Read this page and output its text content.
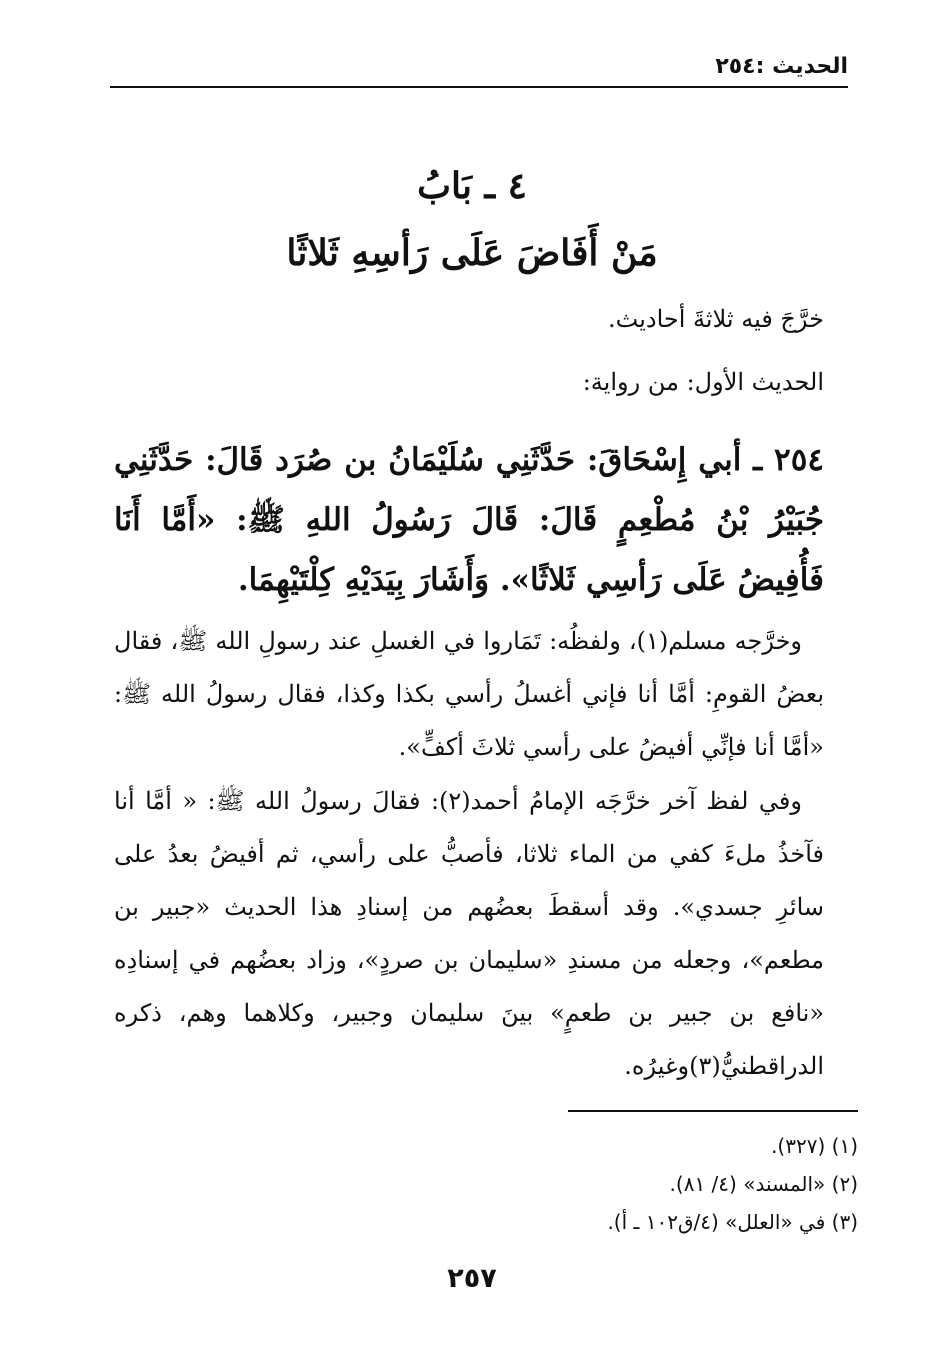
الحديث :٢٥٤
٤ ـ بَابُ
مَنْ أَفَاضَ عَلَى رَأسِهِ ثَلاثًا
خرَّجَ فيه ثلاثةَ أحاديث.
الحديث الأول: من رواية:
٢٥٤ ـ أبي إِسْحَاقَ: حَدَّثَنِي سُلَيْمَانُ بن صُرَد قَالَ: حَدَّثَنِي جُبَيْرُ بْنُ مُطْعِمٍ قَالَ: قَالَ رَسُولُ اللهِ ﷺ: «أَمَّا أَنَا فَأُفِيضُ عَلَى رَأسِي ثَلاثًا». وَأَشَارَ بِيَدَيْهِ كِلْتَيْهِمَا.
وخرَّجه مسلم(١)، ولفظُه: تَمَاروا في الغسلِ عند رسولِ الله ﷺ، فقال بعضُ القومِ: أمَّا أنا فإني أغسلُ رأسي بكذا وكذا، فقال رسولُ الله ﷺ: «أمَّا أنا فإنِّي أفيضُ على رأسي ثلاثَ أكفٍّ».
وفي لفظ آخر خرَّجَه الإمامُ أحمد(٢): فقالَ رسولُ الله ﷺ: « أمَّا أنا فآخذُ ملءَ كفي من الماء ثلاثا، فأصبُّ على رأسي، ثم أفيضُ بعدُ على سائرِ جسدي». وقد أسقطَ بعضُهم من إسنادِ هذا الحديث «جبير بن مطعم»، وجعله من مسندِ «سليمان بن صردٍ»، وزاد بعضُهم في إسنادِه «نافع بن جبير بن طعمٍ» بينَ سليمان وجبير، وكلاهما وهم، ذكره الدراقطنيُّ(٣)وغيرُه.
(١) (٣٢٧).
(٢) «المسند» (٤/ ٨١).
(٣) في «العلل» (٤/ق١٠٢ ـ أ).
٢٥٧
